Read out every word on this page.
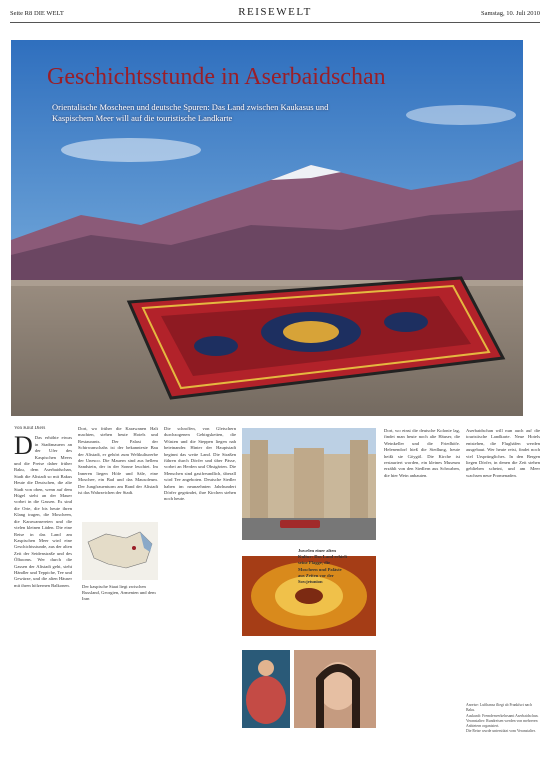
Seite R8 DIE WELT	REISEWELT	Samstag, 10. Juli 2010
Geschichtsstunde in Aserbaidschan
Orientalische Moscheen und deutsche Spuren: Das Land zwischen Kaukasus und Kaspischem Meer will auf die touristische Landkarte
Von Knut Diers
D Das erhöhte etwas in Stadtmauern an der Ufer des Kaspischen Meers und die Preise daher früher Baku, dem Aserbaidschan, Stadt die Altstadt so mit Bakus Heute die Deutschen, die alte Stadt von oben, wenn auf dem Hügel steht an der Mauer vorbei in die Gassen. Es sind die Orte, die bis heute ihren Klang tragen, die Moscheen, die Karawansereien und die vielen kleinen Läden. Die eine Reise in das Land am Kaspischen Meer wird eine Geschichtsstunde, aus der alten Zeit der Seidenstraße und des Ölbooms. Wer durch die Gassen der Altstadt geht, sieht Händler und Teppiche, Tee und Gewürze, und die alten Häuser mit ihren hölzernen Balkonen.

Dort, wo früher die Karawanen Halt machten, stehen heute Hotels und Restaurants. Der Palast der Schirwanschahs ist der bekannteste Bau der Altstadt, er gehört zum Weltkulturerbe der Unesco. Die Mauern sind aus hellem Sandstein, der in der Sonne leuchtet. Im Inneren liegen Höfe und Säle, eine Moschee, ein Bad und das Mausoleum. Der Jungfrauenturm am Rand der Altstadt ist das Wahrzeichen der Stadt.

Der kaspische Staat liegt zwischen Russland, Georgien, Armenien und dem Iran

Die schroffen, von Gletschern durchzogenen Gebirgsketten, die Wüsten und die Steppen liegen nah beieinander. Hinter der Hauptstadt beginnt das weite Land. Die Straßen führen durch Dörfer und über Pässe, vorbei an Herden und Obstgärten. Die Menschen sind gastfreundlich, überall wird Tee angeboten. Deutsche Siedler haben im neunzehnten Jahrhundert Dörfer gegründet, ihre Kirchen stehen noch heute.

Juwelen einer alten Kultur: Das Land erhielt seine Flagge, die Moscheen und Paläste aus Zeiten vor der Sowjetunion

Dort, wo einst die deutsche Kolonie lag, findet man heute noch alte Häuser, die Weinkeller und die Friedhöfe. Helenendorf hieß die Siedlung, heute heißt sie Göygöl. Die Kirche ist restauriert worden, ein kleines Museum erzählt von den Siedlern aus Schwaben, die hier Wein anbauten.

Aserbaidschan will nun auch auf die touristische Landkarte. Neue Hotels entstehen, die Flughäfen werden ausgebaut. Wer heute reist, findet noch viel Ursprüngliches. In den Bergen liegen Dörfer, in denen die Zeit stehen geblieben scheint, und am Meer wachsen neue Promenaden.

Anreise: Lufthansa fliegt ab Frankfurt nach Baku.

Auskunft: Fremdenverkehrsamt Aserbaidschan.

Veranstalter: Rundreisen werden von mehreren Anbietern organisiert.

Die Reise wurde unterstützt vom Veranstalter.
